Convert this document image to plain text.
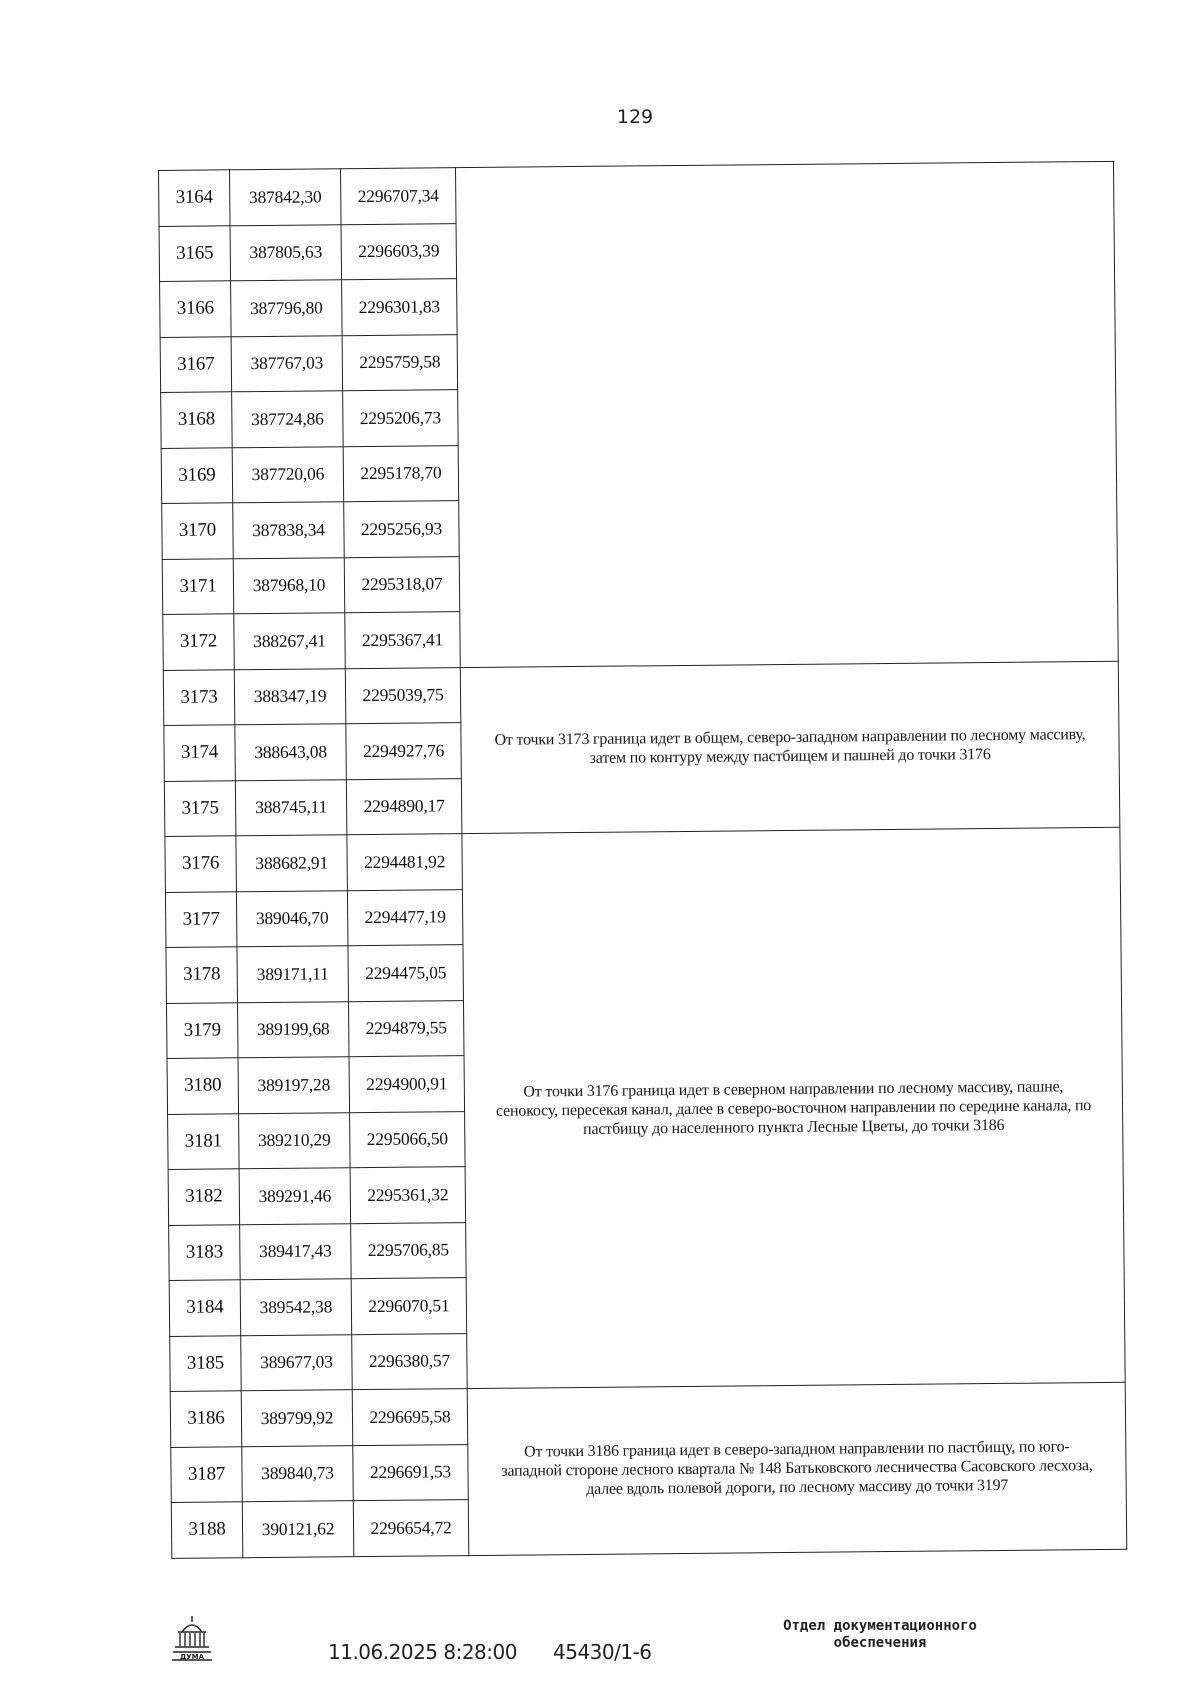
129
3164	387842,30	2296707,34	
3165	387805,63	2296603,39	
3166	387796,80	2296301,83	
3167	387767,03	2295759,58	
3168	387724,86	2295206,73	
3169	387720,06	2295178,70	
3170	387838,34	2295256,93	
3171	387968,10	2295318,07	
3172	388267,41	2295367,41	
3173	388347,19	2295039,75	От точки 3173 граница идет в общем, северо-западном направлении по лесному массиву, затем по контуру между пастбищем и пашней до точки 3176
3174	388643,08	2294927,76	
3175	388745,11	2294890,17	
3176	388682,91	2294481,92	От точки 3176 граница идет в северном направлении по лесному массиву, пашне, сенокосу, пересекая канал, далее в северо-восточном направлении по середине канала, по пастбищу до населенного пункта Лесные Цветы, до точки 3186
3177	389046,70	2294477,19	
3178	389171,11	2294475,05	
3179	389199,68	2294879,55	
3180	389197,28	2294900,91	
3181	389210,29	2295066,50	
3182	389291,46	2295361,32	
3183	389417,43	2295706,85	
3184	389542,38	2296070,51	
3185	389677,03	2296380,57	
3186	389799,92	2296695,58	От точки 3186 граница идет в северо-западном направлении по пастбищу, по юго-западной стороне лесного квартала № 148 Батьковского лесничества Сасовского лесхоза, далее вдоль полевой дороги, по лесному массиву до точки 3197
3187	389840,73	2296691,53	
3188	390121,62	2296654,72	
ДУМА	11.06.2025 8:28:00 45430/1-6
Отдел документационного
обеспечения
